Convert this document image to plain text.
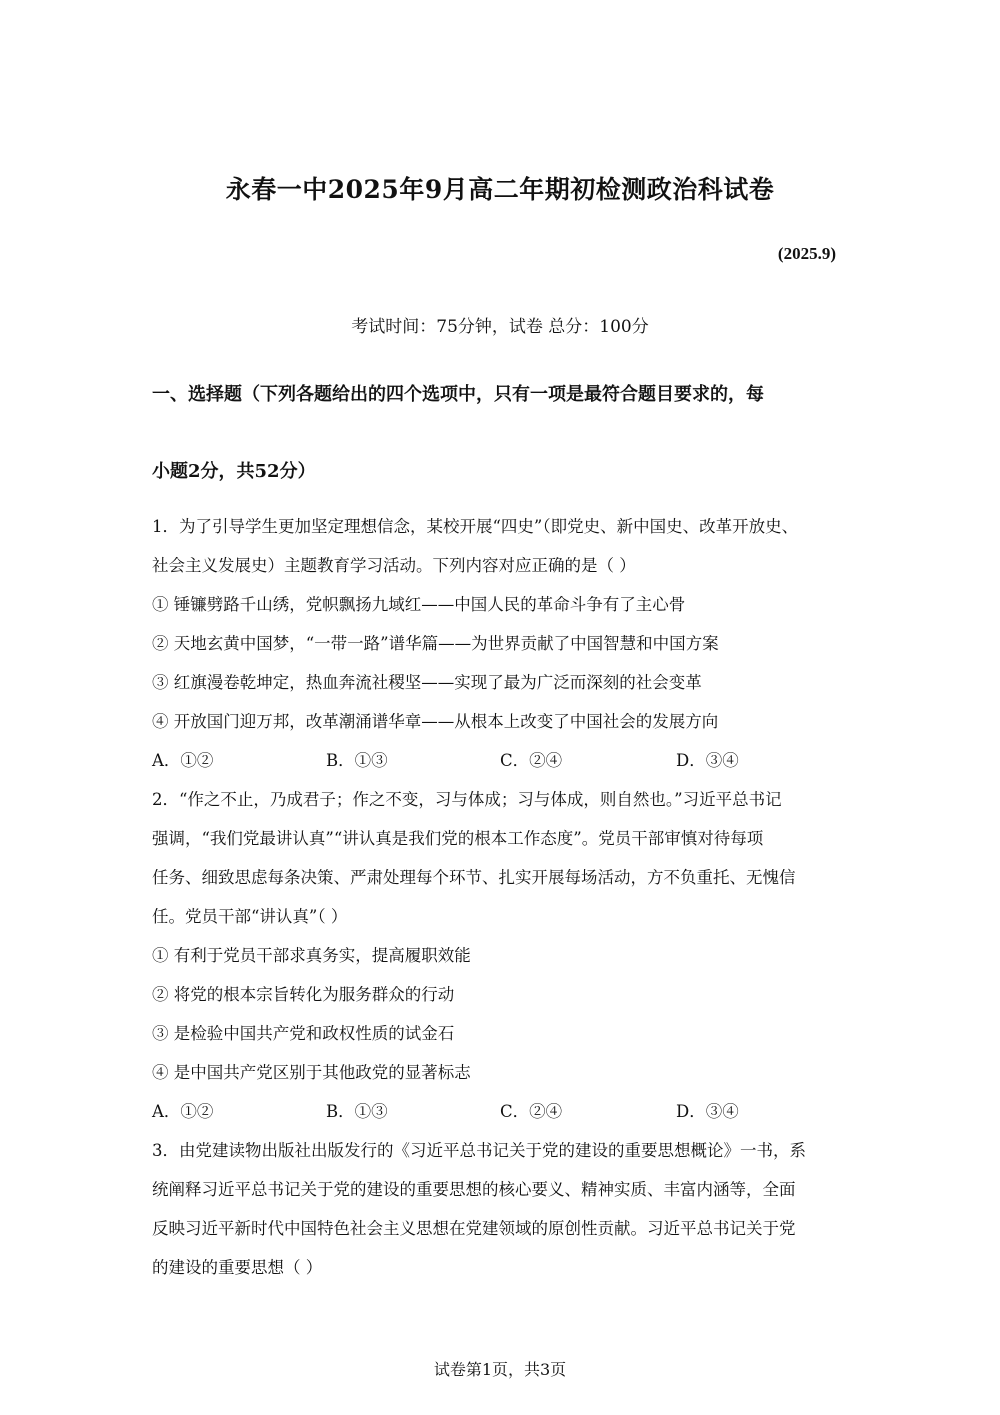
永春一中2025年9月高二年期初检测政治科试卷
(2025.9)
考试时间：75分钟，试卷 总分：100分
一、选择题（下列各题给出的四个选项中，只有一项是最符合题目要求的，每
小题2分，共52分）
1．为了引导学生更加坚定理想信念，某校开展“四史”（即党史、新中国史、改革开放史、
社会主义发展史）主题教育学习活动。下列内容对应正确的是（ ）
① 锤镰劈路千山绣，党帜飘扬九域红——中国人民的革命斗争有了主心骨
② 天地玄黄中国梦，“一带一路”谱华篇——为世界贡献了中国智慧和中国方案
③ 红旗漫卷乾坤定，热血奔流社稷坚——实现了最为广泛而深刻的社会变革
④ 开放国门迎万邦，改革潮涌谱华章——从根本上改变了中国社会的发展方向
A．①②	B．①③	C．②④	D．③④
2．“作之不止，乃成君子；作之不变，习与体成；习与体成，则自然也。”习近平总书记
强调，“我们党最讲认真”“讲认真是我们党的根本工作态度”。党员干部审慎对待每项
任务、细致思虑每条决策、严肃处理每个环节、扎实开展每场活动，方不负重托、无愧信
任。党员干部“讲认真”（ ）
① 有利于党员干部求真务实，提高履职效能
② 将党的根本宗旨转化为服务群众的行动
③ 是检验中国共产党和政权性质的试金石
④ 是中国共产党区别于其他政党的显著标志
A．①②	B．①③	C．②④	D．③④
3．由党建读物出版社出版发行的《习近平总书记关于党的建设的重要思想概论》一书，系
统阐释习近平总书记关于党的建设的重要思想的核心要义、精神实质、丰富内涵等，全面
反映习近平新时代中国特色社会主义思想在党建领域的原创性贡献。习近平总书记关于党
的建设的重要思想（ ）
试卷第1页，共3页
